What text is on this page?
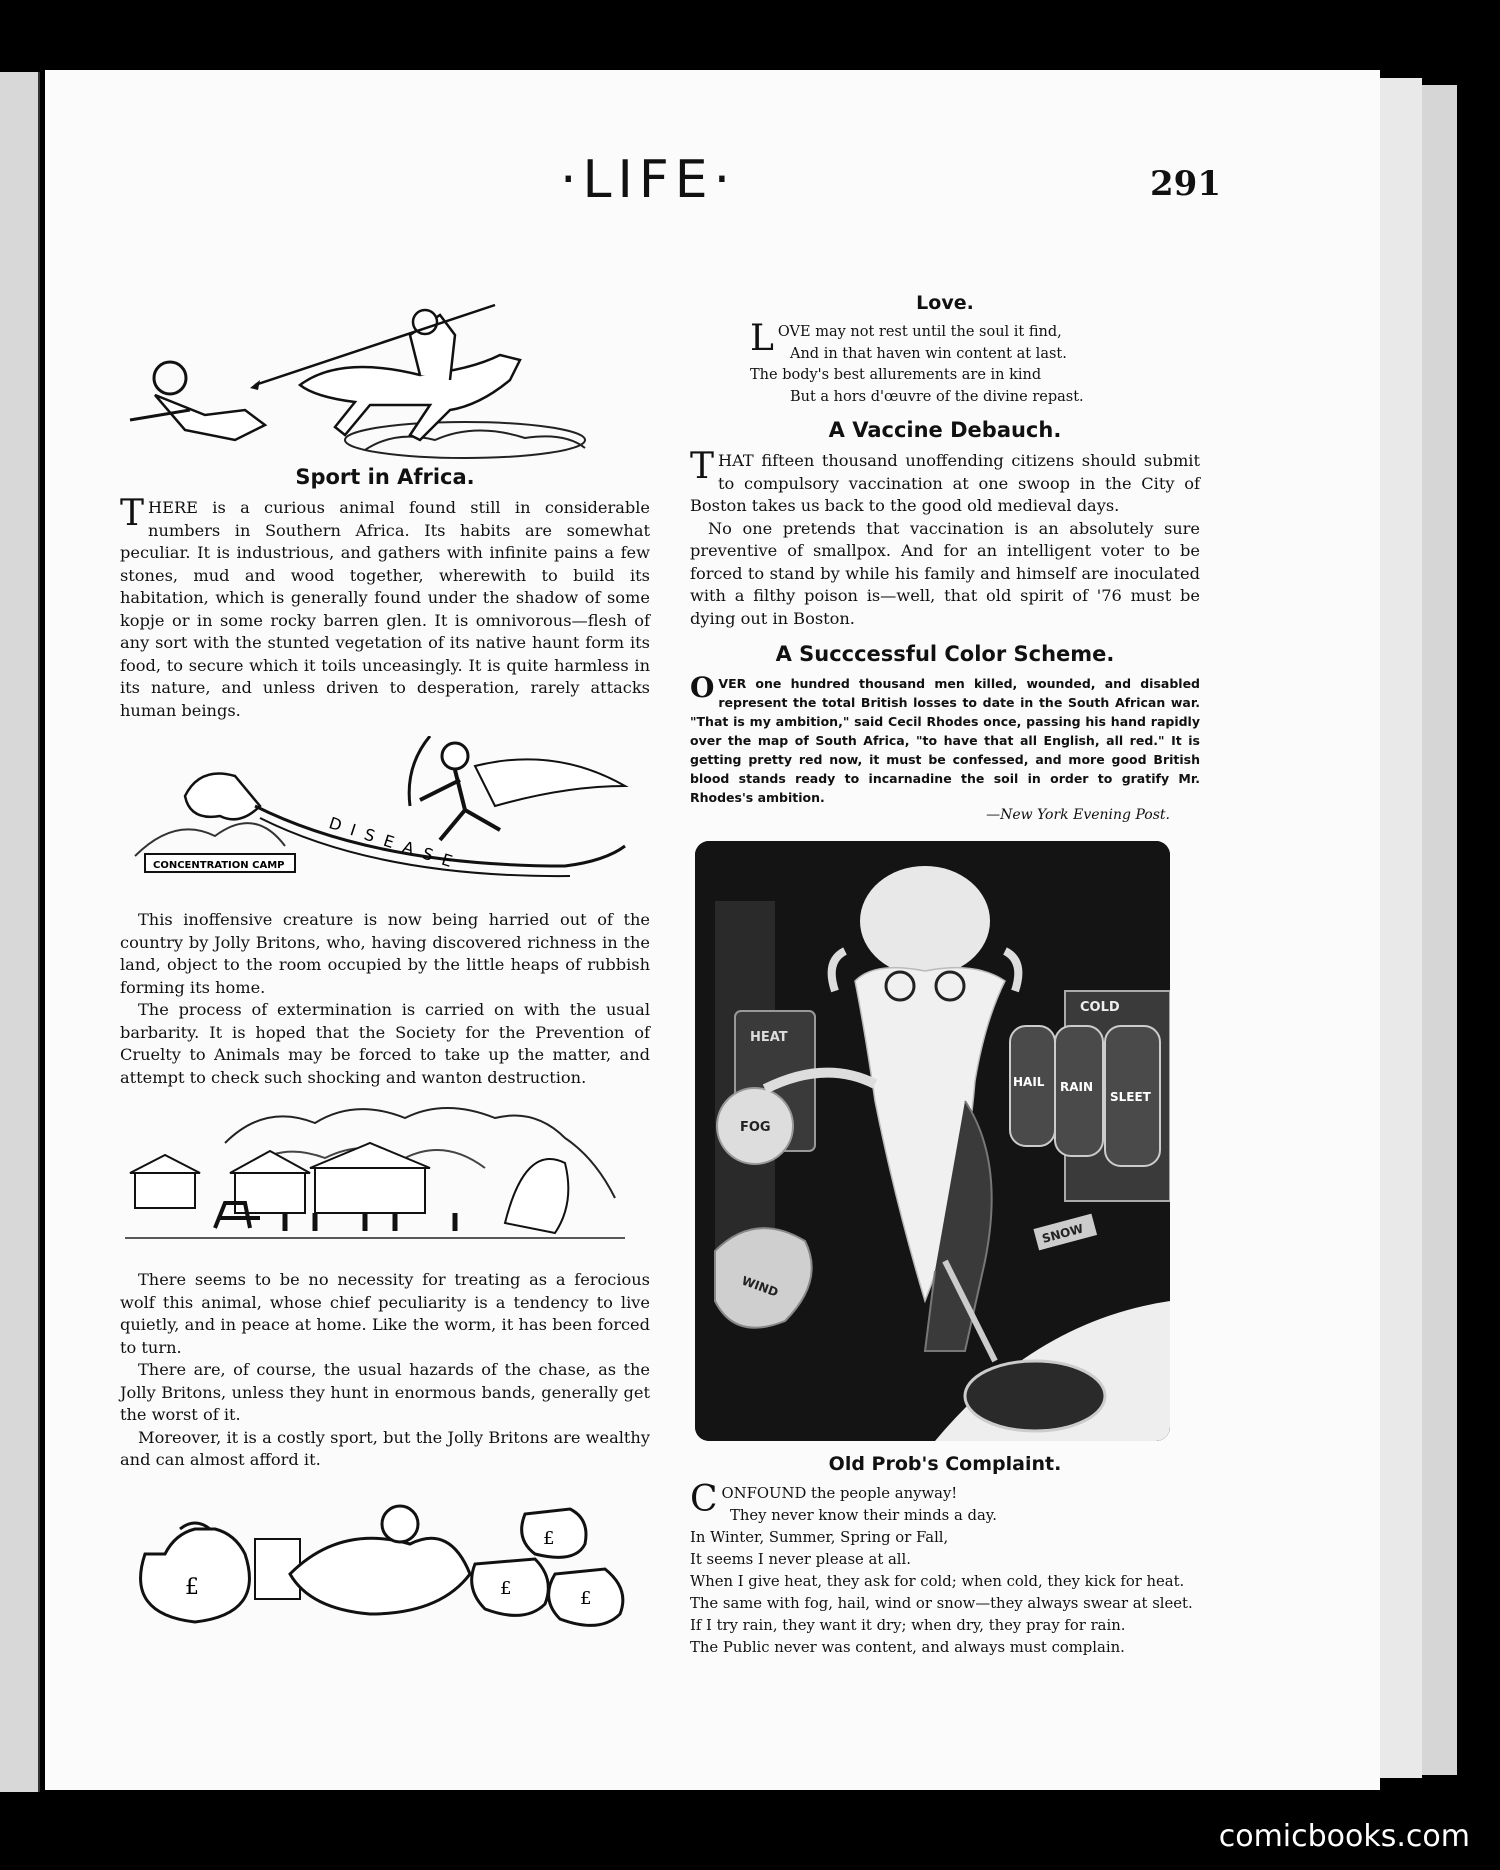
·LIFE·	291
Sport in Africa.

THERE is a curious animal found still in considerable numbers in Southern Africa. Its habits are somewhat peculiar. It is industrious, and gathers with infinite pains a few stones, mud and wood together, wherewith to build its habitation, which is generally found under the shadow of some kopje or in some rocky barren glen. It is omnivorous—flesh of any sort with the stunted vegetation of its native haunt form its food, to secure which it toils unceasingly. It is quite harmless in its nature, and unless driven to desperation, rarely attacks human beings.

CONCENTRATION CAMP	DISEASE

This inoffensive creature is now being harried out of the country by Jolly Britons, who, having discovered richness in the land, object to the room occupied by the little heaps of rubbish forming its home.

The process of extermination is carried on with the usual barbarity. It is hoped that the Society for the Prevention of Cruelty to Animals may be forced to take up the matter, and attempt to check such shocking and wanton destruction.

There seems to be no necessity for treating as a ferocious wolf this animal, whose chief peculiarity is a tendency to live quietly, and in peace at home. Like the worm, it has been forced to turn.

There are, of course, the usual hazards of the chase, as the Jolly Britons, unless they hunt in enormous bands, generally get the worst of it.

Moreover, it is a costly sport, but the Jolly Britons are wealthy and can almost afford it.

£	£
£
£
Love.
LOVE may not rest until the soul it find,
And in that haven win content at last.
The body's best allurements are in kind
But a hors d'œuvre of the divine repast.
A Vaccine Debauch.

THAT fifteen thousand unoffending citizens should submit to compulsory vaccination at one swoop in the City of Boston takes us back to the good old medieval days.

No one pretends that vaccination is an absolutely sure preventive of smallpox. And for an intelligent voter to be forced to stand by while his family and himself are inoculated with a filthy poison is—well, that old spirit of '76 must be dying out in Boston.

A Succcessful Color Scheme.
OVER one hundred thousand men killed, wounded, and disabled represent the total British losses to date in the South African war. "That is my ambition," said Cecil Rhodes once, passing his hand rapidly over the map of South Africa, "to have that all English, all red." It is getting pretty red now, it must be confessed, and more good British blood stands ready to incarnadine the soil in order to gratify Mr. Rhodes's ambition.
—New York Evening Post.
HEAT
COLD
HAIL RAIN
SLEET
FOG
SNOW
WIND
Old Prob's Complaint.
CONFOUND the people anyway!
They never know their minds a day.
In Winter, Summer, Spring or Fall,
It seems I never please at all.
When I give heat, they ask for cold; when cold, they kick for heat.
The same with fog, hail, wind or snow—they always swear at sleet.
If I try rain, they want it dry; when dry, they pray for rain.
The Public never was content, and always must complain.
comicbooks.com
